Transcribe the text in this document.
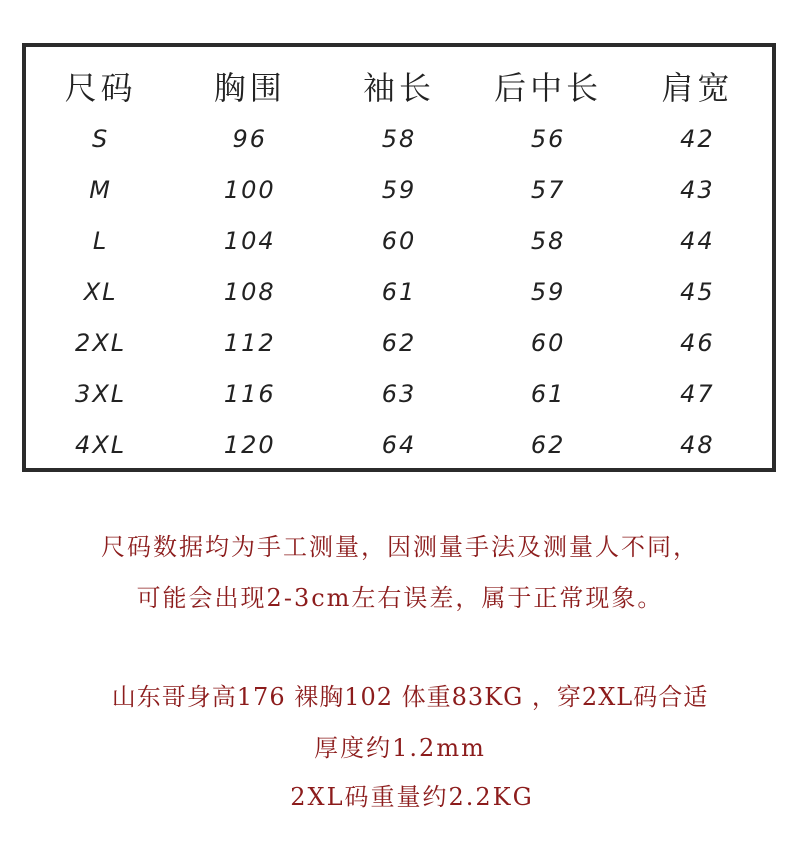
尺码	胸围	袖长	后中长	肩宽
S	96	58	56	42
M	100	59	57	43
L	104	60	58	44
XL	108	61	59	45
2XL	112	62	60	46
3XL	116	63	61	47
4XL	120	64	62	48
尺码数据均为手工测量，因测量手法及测量人不同，
可能会出现2-3cm左右误差，属于正常现象。
山东哥身高176 裸胸102 体重83KG ，穿2XL码合适
厚度约1.2mm
2XL码重量约2.2KG
